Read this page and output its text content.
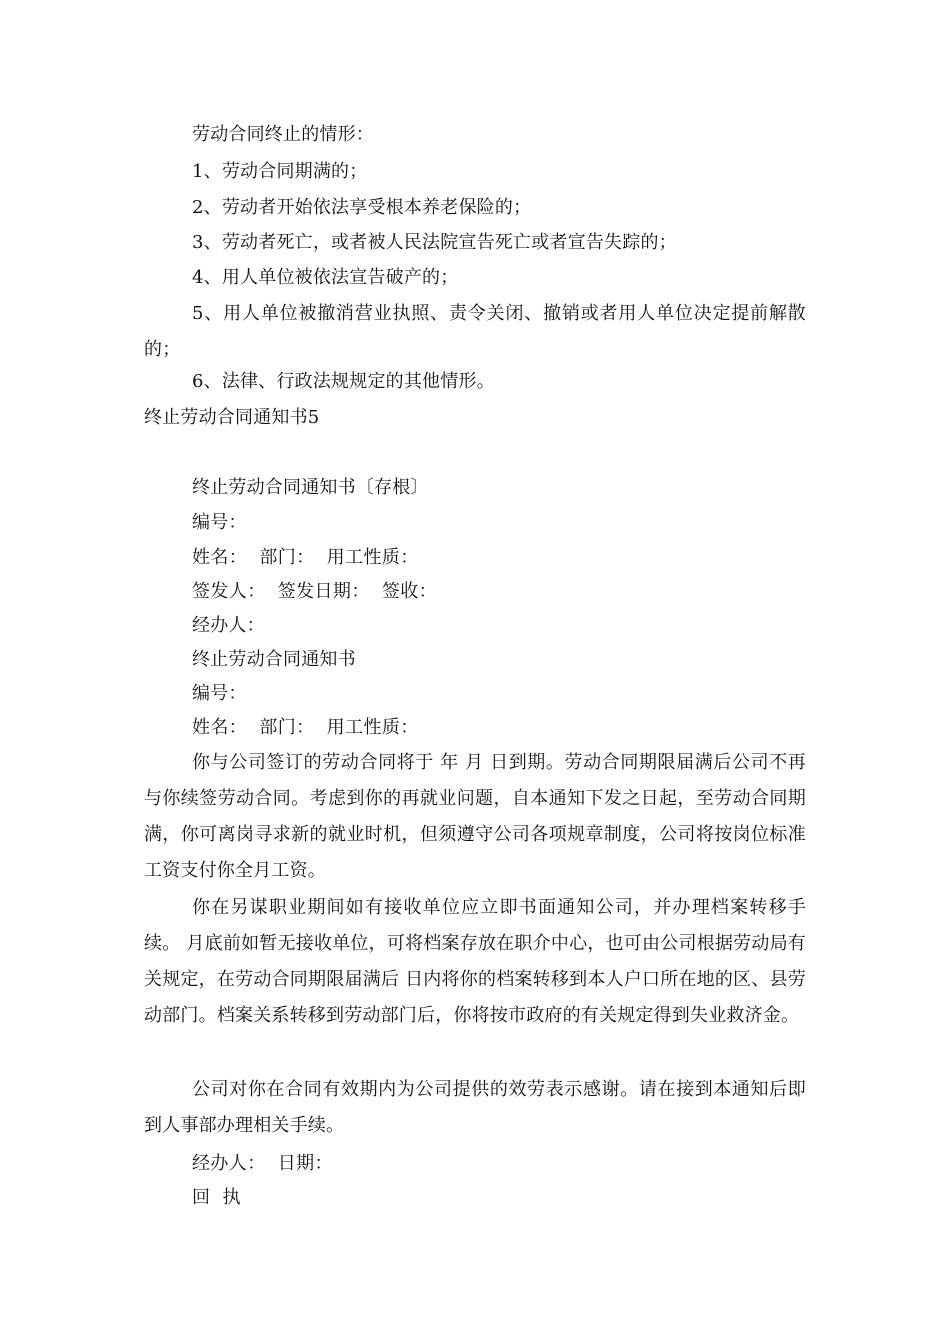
劳动合同终止的情形：
1、劳动合同期满的；
2、劳动者开始依法享受根本养老保险的；
3、劳动者死亡，或者被人民法院宣告死亡或者宣告失踪的；
4、用人单位被依法宣告破产的；

5、用人单位被撤消营业执照、责令关闭、撤销或者用人单位决定提前解散的；

6、法律、行政法规规定的其他情形。
终止劳动合同通知书5
终止劳动合同通知书〔存根〕
编号：
姓名： 部门： 用工性质：
签发人： 签发日期： 签收：
经办人：
终止劳动合同通知书
编号：
姓名： 部门： 用工性质：

你与公司签订的劳动合同将于 年 月 日到期。劳动合同期限届满后公司不再与你续签劳动合同。考虑到你的再就业问题，自本通知下发之日起，至劳动合同期满，你可离岗寻求新的就业时机，但须遵守公司各项规章制度，公司将按岗位标准工资支付你全月工资。

你在另谋职业期间如有接收单位应立即书面通知公司，并办理档案转移手续。 月底前如暂无接收单位，可将档案存放在职介中心，也可由公司根据劳动局有关规定，在劳动合同期限届满后 日内将你的档案转移到本人户口所在地的区、县劳动部门。档案关系转移到劳动部门后，你将按市政府的有关规定得到失业救济金。

公司对你在合同有效期内为公司提供的效劳表示感谢。请在接到本通知后即到人事部办理相关手续。

经办人： 日期：
回 执
